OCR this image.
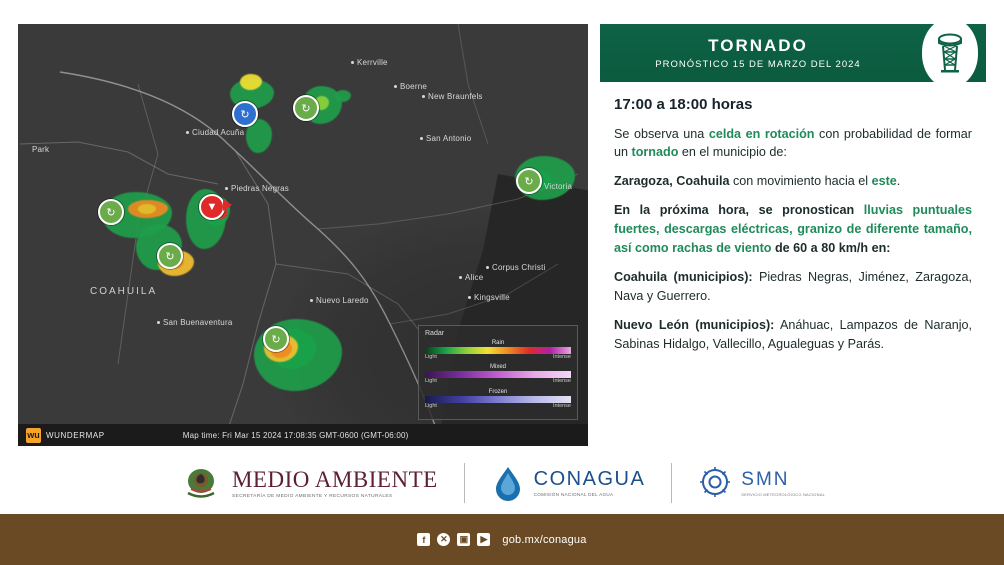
Kerrville
Boerne
New Braunfels
San Antonio
Ciudad Acuña
Piedras Negras	Victoria
Alice
Corpus Christi
Kingsville
Nuevo Laredo
San Buenaventura
Park
COAHUILA
↻	↻
↻
↻
↻
▼
↻
Radar
Rain
Light	Intense
Mixed
Light	Intense
Frozen
Light	Intense
wu WUNDERMAP	Map time: Fri Mar 15 2024 17:08:35 GMT-0600 (GMT-06:00)
TORNADO
PRONÓSTICO 15 DE MARZO DEL 2024
17:00 a 18:00 horas

Se observa una celda en rotación con probabilidad de formar un tornado en el municipio de:

Zaragoza, Coahuila con movimiento hacia el este.

En la próxima hora, se pronostican lluvias puntuales fuertes, descargas eléctricas, granizo de diferente tamaño, así como rachas de viento de 60 a 80 km/h en:

Coahuila (municipios): Piedras Negras, Jiménez, Zaragoza, Nava y Guerrero.

Nuevo León (municipios): Anáhuac, Lampazos de Naranjo, Sabinas Hidalgo, Vallecillo, Agualeguas y Parás.

MEDIO AMBIENTE
SECRETARÍA DE MEDIO AMBIENTE Y RECURSOS NATURALES
CONAGUA
COMISIÓN NACIONAL DEL AGUA
SMN
SERVICIO METEOROLÓGICO NACIONAL
f	✕	▣	▶ gob.mx/conagua
